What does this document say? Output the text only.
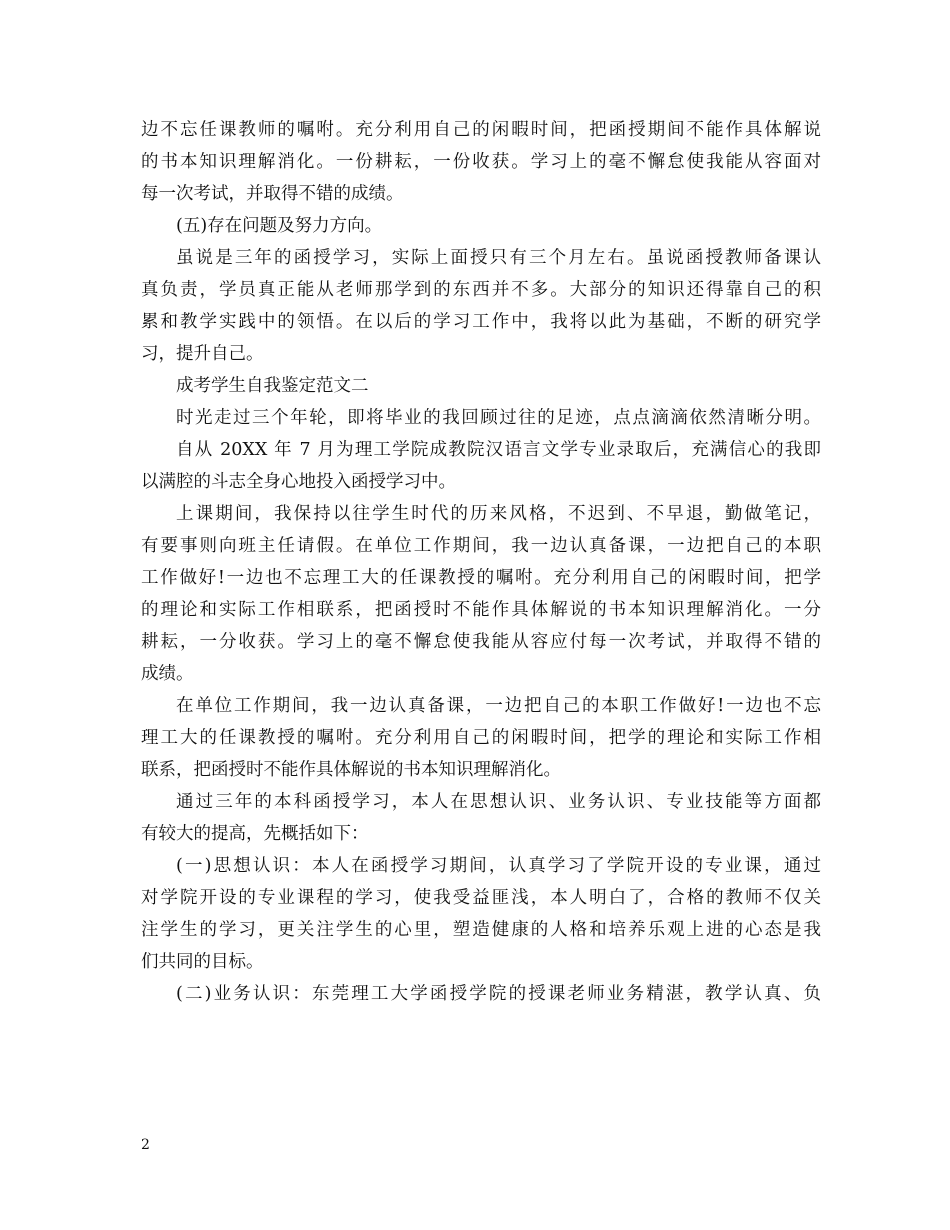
边不忘任课教师的嘱咐。充分利用自己的闲暇时间，把函授期间不能作具体解说
的书本知识理解消化。一份耕耘，一份收获。学习上的毫不懈怠使我能从容面对
每一次考试，并取得不错的成绩。
(五)存在问题及努力方向。
虽说是三年的函授学习，实际上面授只有三个月左右。虽说函授教师备课认
真负责，学员真正能从老师那学到的东西并不多。大部分的知识还得靠自己的积
累和教学实践中的领悟。在以后的学习工作中，我将以此为基础，不断的研究学
习，提升自己。
成考学生自我鉴定范文二
时光走过三个年轮，即将毕业的我回顾过往的足迹，点点滴滴依然清晰分明。
自从 20XX 年 7 月为理工学院成教院汉语言文学专业录取后，充满信心的我即
以满腔的斗志全身心地投入函授学习中。
上课期间，我保持以往学生时代的历来风格，不迟到、不早退，勤做笔记，
有要事则向班主任请假。在单位工作期间，我一边认真备课，一边把自己的本职
工作做好!一边也不忘理工大的任课教授的嘱咐。充分利用自己的闲暇时间，把学
的理论和实际工作相联系，把函授时不能作具体解说的书本知识理解消化。一分
耕耘，一分收获。学习上的毫不懈怠使我能从容应付每一次考试，并取得不错的
成绩。
在单位工作期间，我一边认真备课，一边把自己的本职工作做好!一边也不忘
理工大的任课教授的嘱咐。充分利用自己的闲暇时间，把学的理论和实际工作相
联系，把函授时不能作具体解说的书本知识理解消化。
通过三年的本科函授学习，本人在思想认识、业务认识、专业技能等方面都
有较大的提高，先概括如下：
(一)思想认识：本人在函授学习期间，认真学习了学院开设的专业课，通过
对学院开设的专业课程的学习，使我受益匪浅，本人明白了，合格的教师不仅关
注学生的学习，更关注学生的心里，塑造健康的人格和培养乐观上进的心态是我
们共同的目标。
(二)业务认识：东莞理工大学函授学院的授课老师业务精湛，教学认真、负
2
